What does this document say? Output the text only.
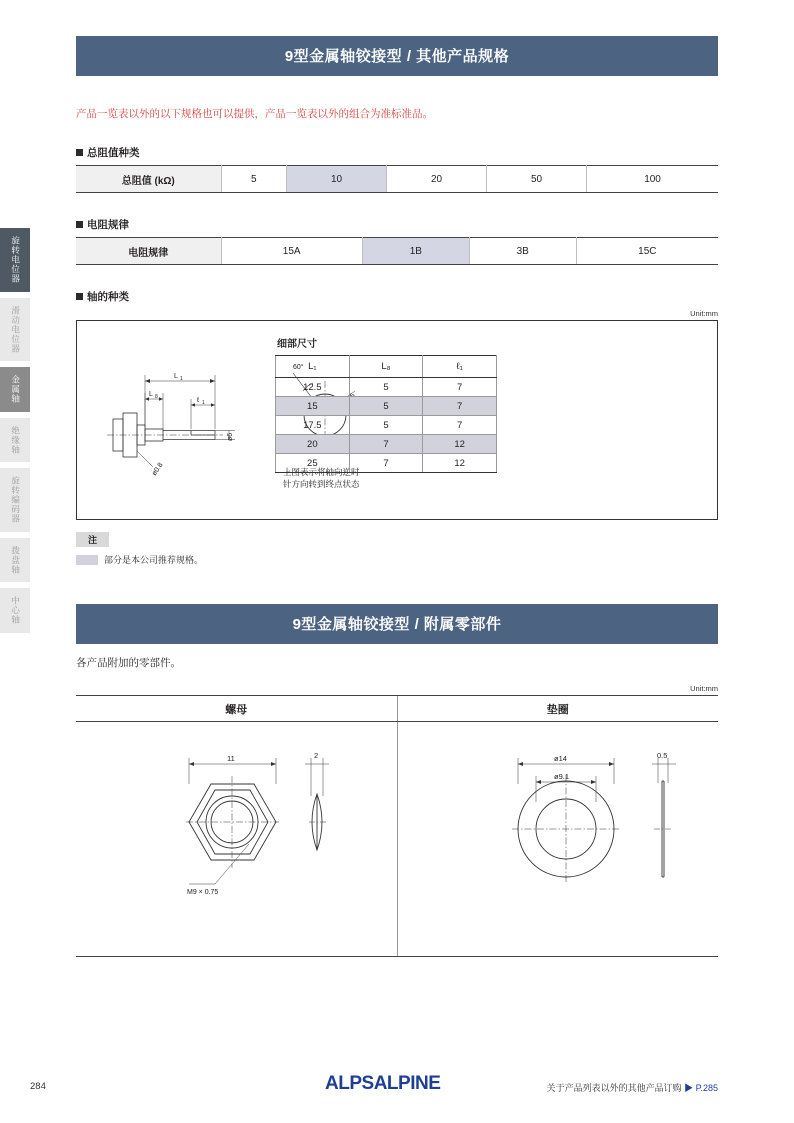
旋转电位器
滑动电位器
金属轴
绝缘轴
旋转编码器
拨盘轴
中心轴
9型金属轴铰接型 / 其他产品规格
产品一览表以外的以下规格也可以提供，产品一览表以外的组合为准标准品。
总阻值种类
总阻值 (kΩ)	5	10	20	50	100
电阻规律
电阻规律	15A	1B	3B	15C
轴的种类
Unit:mm
L 1
L 8	ℓ 1
ø6
ø0.8
60°
上图表示将轴向逆时
针方向转到终点状态
细部尺寸
L₁	L₈	ℓ₁
12.5	5	7
15	5	7
17.5	5	7
20	7	12
25	7	12
注
部分是本公司推荐规格。
9型金属轴铰接型 / 附属零部件
各产品附加的零部件。
Unit:mm
螺母	垫圈
11
M9 × 0.75
2	ø14
ø9.1
0.5
284	ALPSALPINE	关于产品列表以外的其他产品订购 ▶ P.285
